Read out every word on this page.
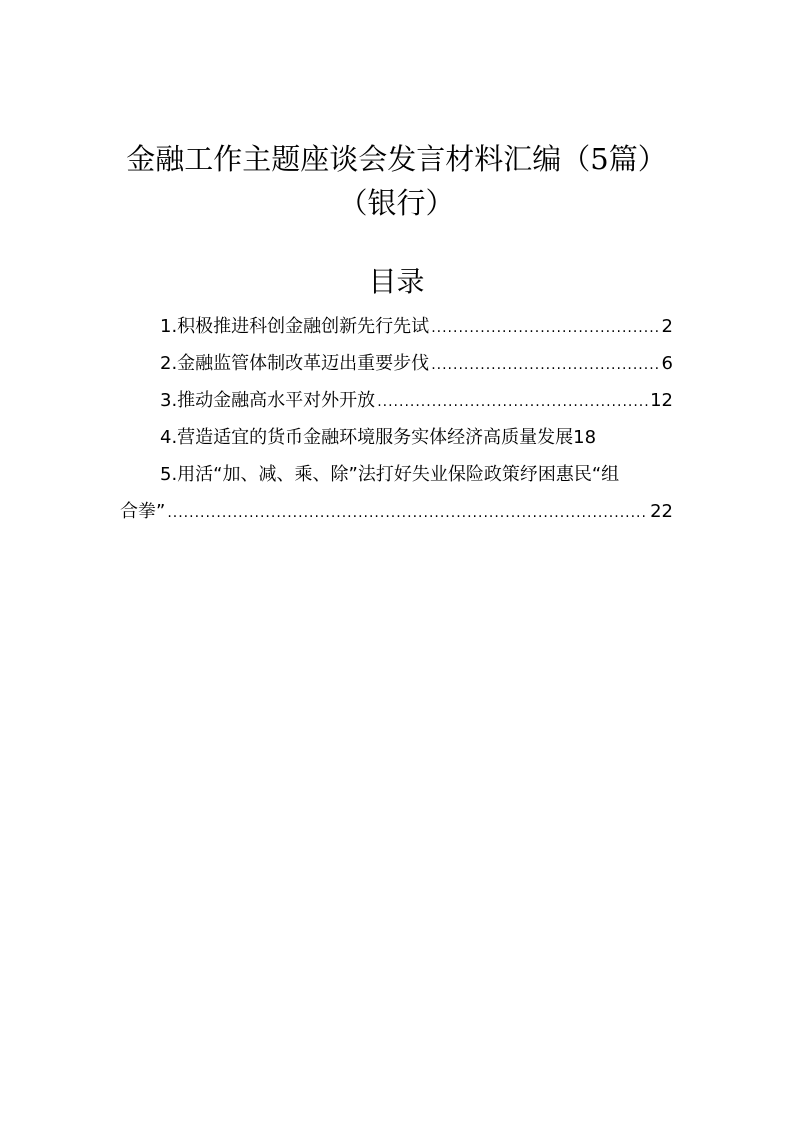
金融工作主题座谈会发言材料汇编（5篇）
（银行）
目录
1.积极推进科创金融创新先行先试 .....	2
2.金融监管体制改革迈出重要步伐 .....	6
3.推动金融高水平对外开放 .....	12
4.营造适宜的货币金融环境服务实体经济高质量发展 18
5.用活“加、减、乘、除”法打好失业保险政策纾困惠民“组
合拳” .....	22
